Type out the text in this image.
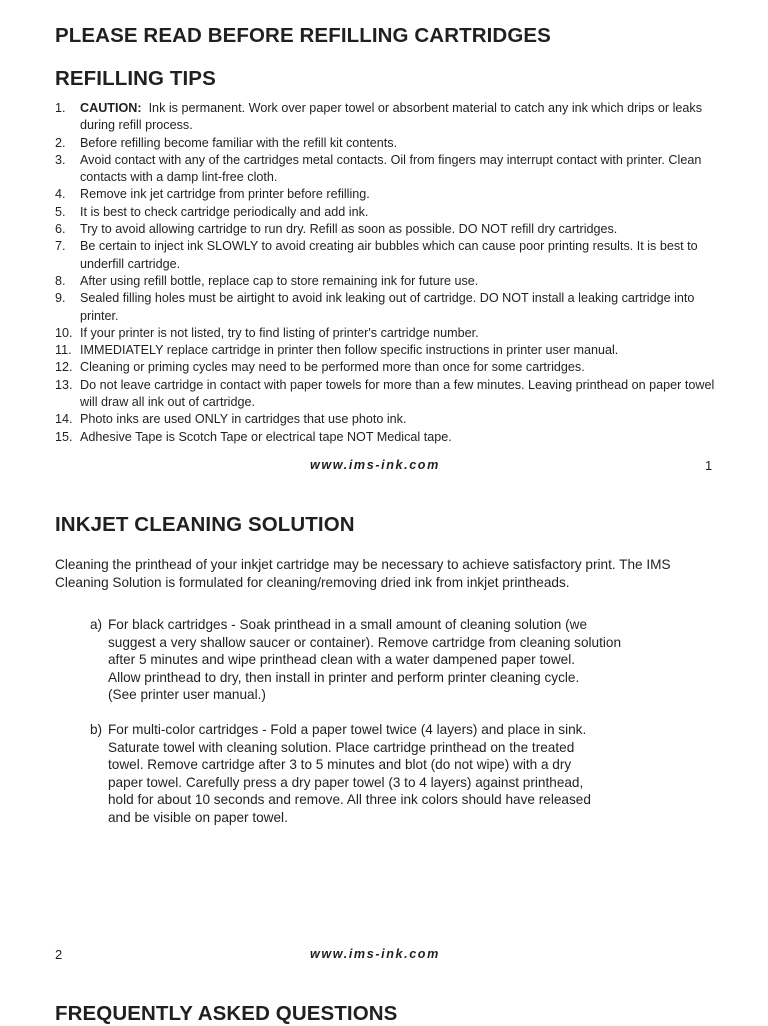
PLEASE READ BEFORE REFILLING CARTRIDGES
REFILLING TIPS
1.	CAUTION: Ink is permanent. Work over paper towel or absorbent material to catch any ink which drips or leaks during refill process.
2.	Before refilling become familiar with the refill kit contents.
3.	Avoid contact with any of the cartridges metal contacts. Oil from fingers may interrupt contact with printer. Clean contacts with a damp lint-free cloth.
4.	Remove ink jet cartridge from printer before refilling.
5.	It is best to check cartridge periodically and add ink.
6.	Try to avoid allowing cartridge to run dry. Refill as soon as possible. DO NOT refill dry cartridges.
7.	Be certain to inject ink SLOWLY to avoid creating air bubbles which can cause poor printing results. It is best to underfill cartridge.
8.	After using refill bottle, replace cap to store remaining ink for future use.
9.	Sealed filling holes must be airtight to avoid ink leaking out of cartridge. DO NOT install a leaking cartridge into printer.
10. If your printer is not listed, try to find listing of printer's cartridge number.
11. IMMEDIATELY replace cartridge in printer then follow specific instructions in printer user manual.
12. Cleaning or priming cycles may need to be performed more than once for some cartridges.
13. Do not leave cartridge in contact with paper towels for more than a few minutes. Leaving printhead on paper towel will draw all ink out of cartridge.
14. Photo inks are used ONLY in cartridges that use photo ink.
15. Adhesive Tape is Scotch Tape or electrical tape NOT Medical tape.
www.ims-ink.com	1
INKJET CLEANING SOLUTION

Cleaning the printhead of your inkjet cartridge may be necessary to achieve satisfactory print. The IMS Cleaning Solution is formulated for cleaning/removing dried ink from inkjet printheads.

a) For black cartridges - Soak printhead in a small amount of cleaning solution (we
suggest a very shallow saucer or container). Remove cartridge from cleaning solution
after 5 minutes and wipe printhead clean with a water dampened paper towel.
Allow printhead to dry, then install in printer and perform printer cleaning cycle.
(See printer user manual.)
b) For multi-color cartridges - Fold a paper towel twice (4 layers) and place in sink.
Saturate towel with cleaning solution. Place cartridge printhead on the treated
towel. Remove cartridge after 3 to 5 minutes and blot (do not wipe) with a dry
paper towel. Carefully press a dry paper towel (3 to 4 layers) against printhead,
hold for about 10 seconds and remove. All three ink colors should have released
and be visible on paper towel.
2	www.ims-ink.com
FREQUENTLY ASKED QUESTIONS
